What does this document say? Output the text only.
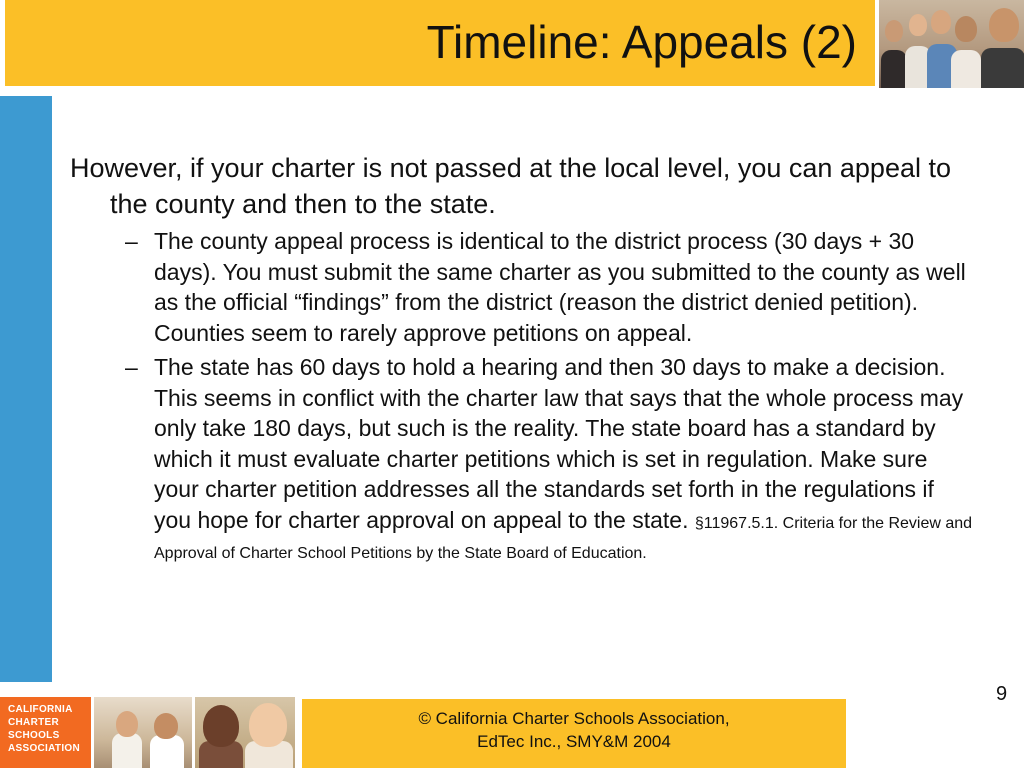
Timeline: Appeals (2)

However, if your charter is not passed at the local level, you can appeal to the county and then to the state.

– The county appeal process is identical to the district process (30 days + 30 days). You must submit the same charter as you submitted to the county as well as the official “findings” from the district (reason the district denied petition). Counties seem to rarely approve petitions on appeal.
– The state has 60 days to hold a hearing and then 30 days to make a decision. This seems in conflict with the charter law that says that the whole process may only take 180 days, but such is the reality. The state board has a standard by which it must evaluate charter petitions which is set in regulation. Make sure your charter petition addresses all the standards set forth in the regulations if you hope for charter approval on appeal to the state. §11967.5.1. Criteria for the Review and Approval of Charter School Petitions by the State Board of Education.
9
CALIFORNIA
CHARTER
SCHOOLS
ASSOCIATION
© California Charter Schools Association,
EdTec Inc., SMY&M 2004
